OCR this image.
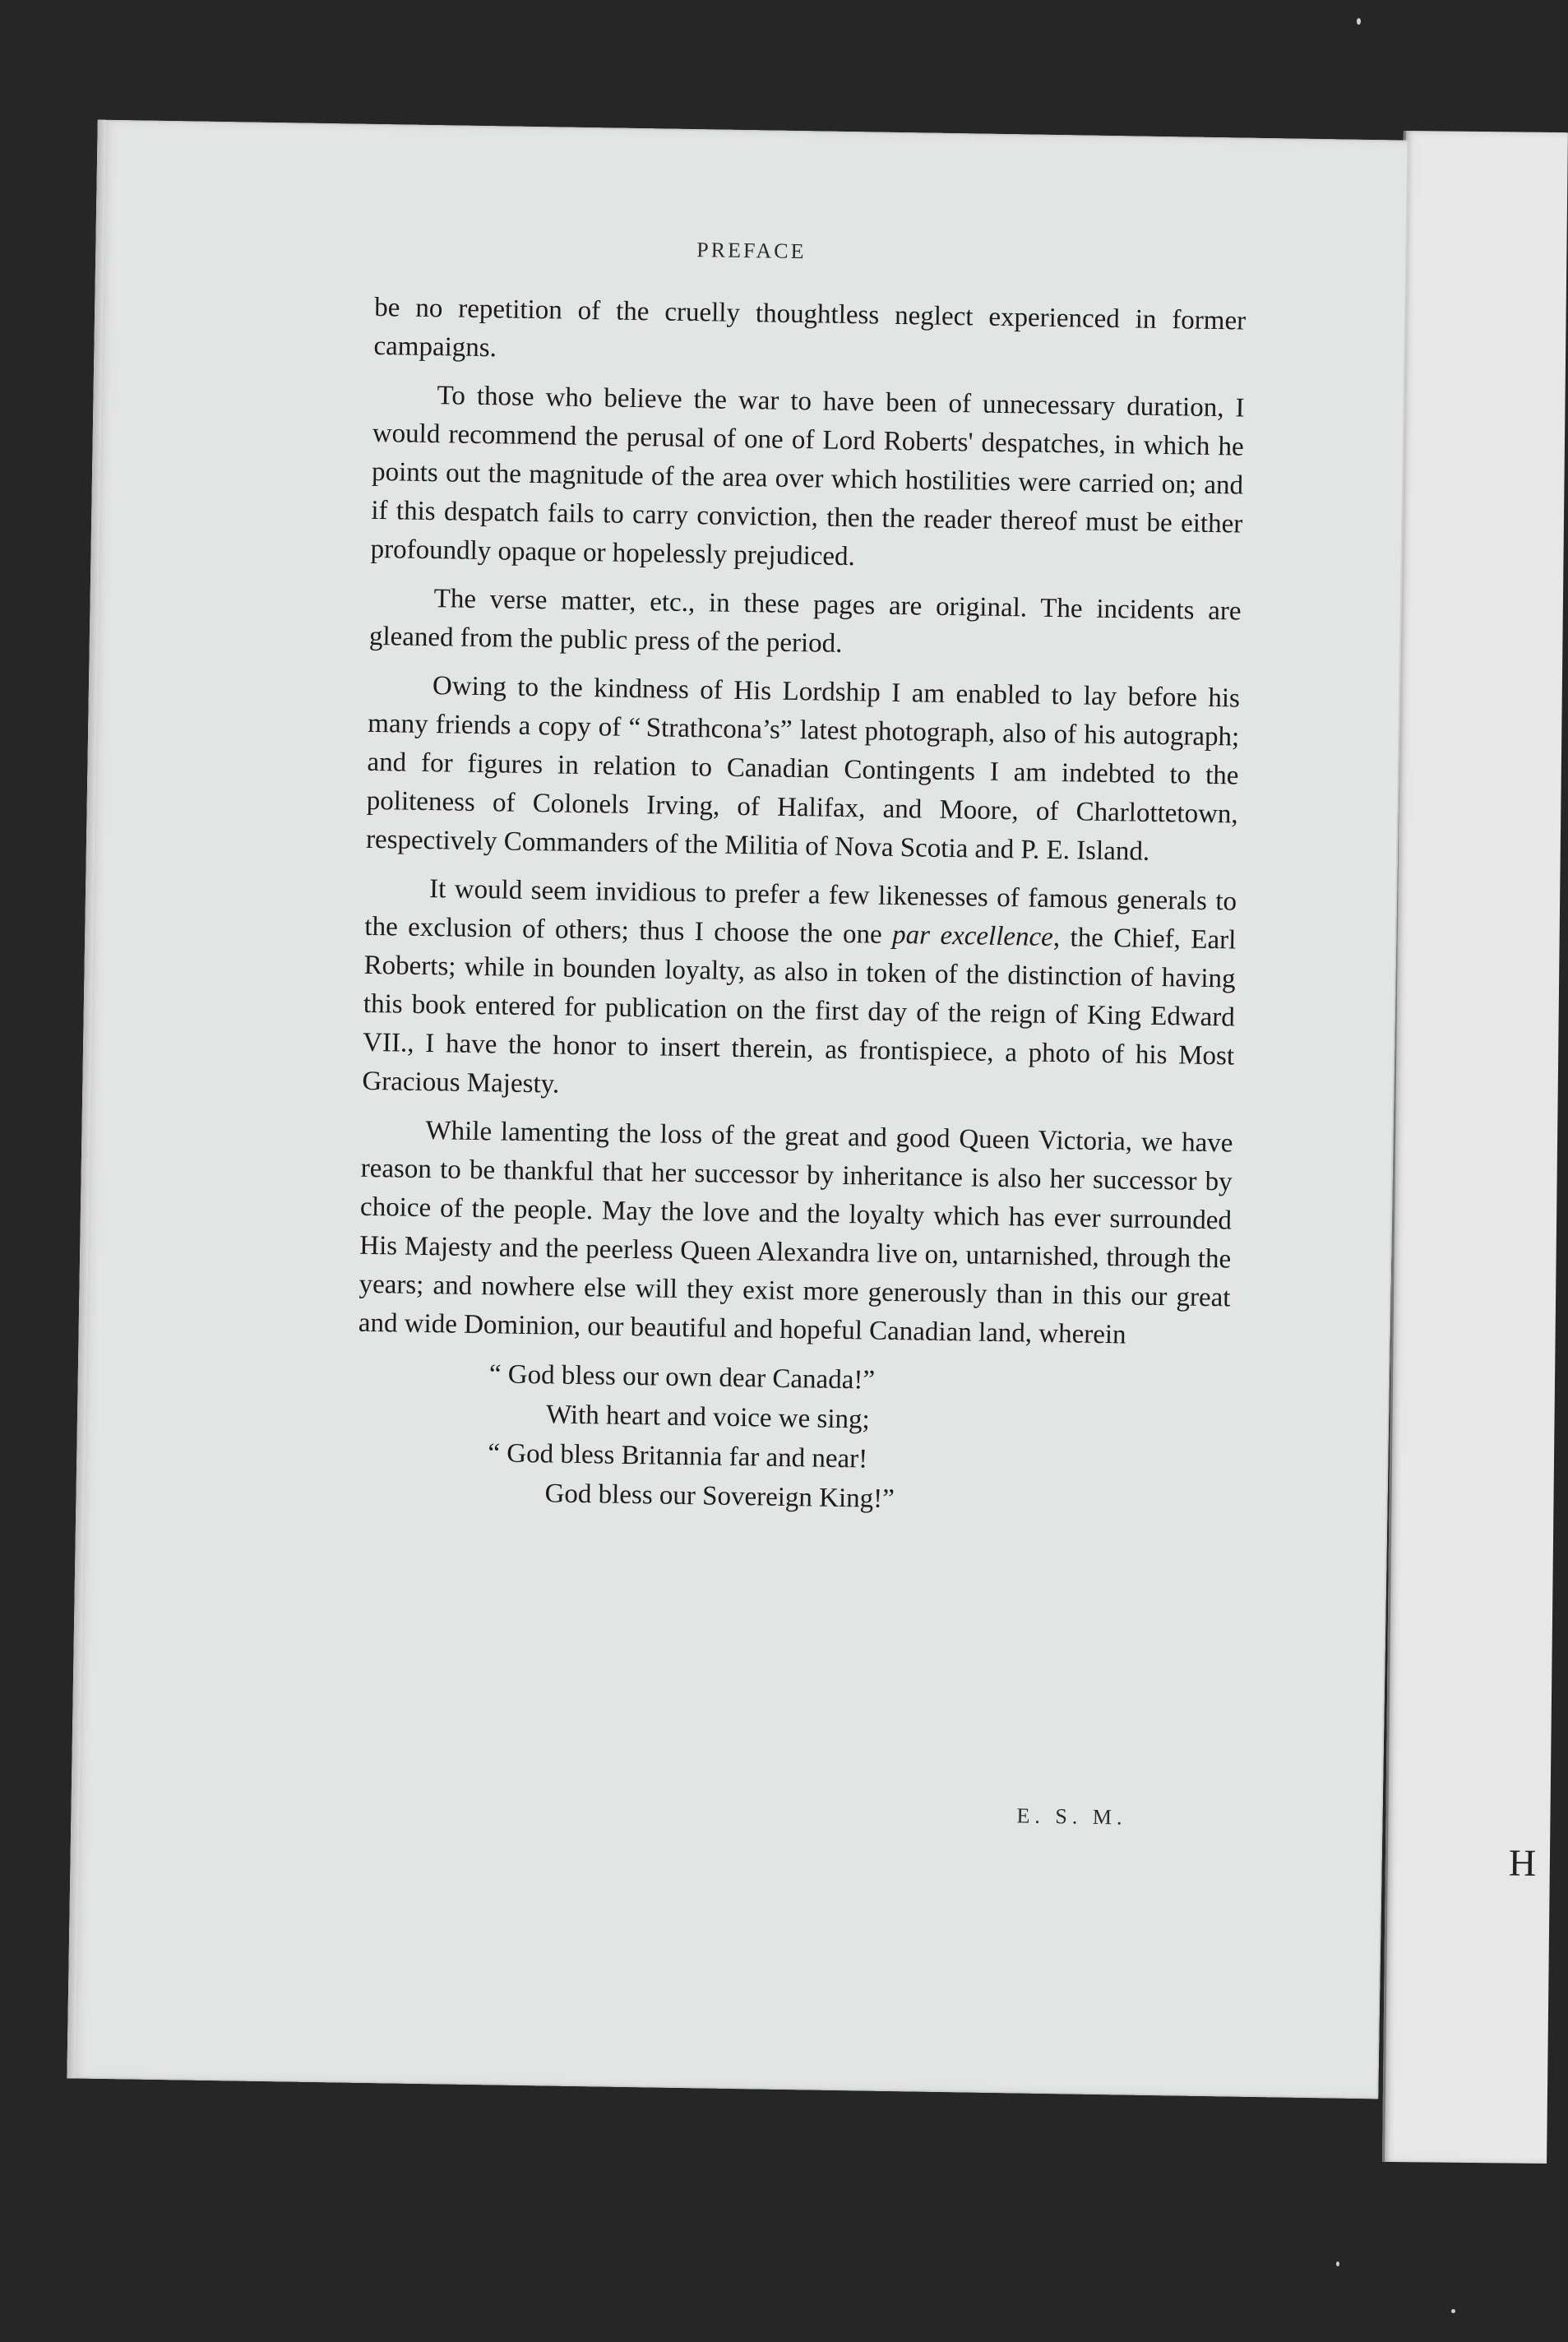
H
PREFACE

be no repetition of the cruelly thoughtless neglect experienced in former campaigns.

To those who believe the war to have been of unnecessary duration, I would recommend the perusal of one of Lord Roberts' despatches, in which he points out the magnitude of the area over which hostilities were carried on; and if this despatch fails to carry conviction, then the reader thereof must be either profoundly opaque or hopelessly prejudiced.

The verse matter, etc., in these pages are original. The incidents are gleaned from the public press of the period.

Owing to the kindness of His Lordship I am enabled to lay before his many friends a copy of “ Strathcona’s” latest photograph, also of his autograph; and for figures in relation to Canadian Contingents I am indebted to the politeness of Colonels Irving, of Halifax, and Moore, of Charlottetown, respectively Commanders of the Militia of Nova Scotia and P. E. Island.

It would seem invidious to prefer a few likenesses of famous generals to the exclusion of others; thus I choose the one par excellence, the Chief, Earl Roberts; while in bounden loyalty, as also in token of the distinction of having this book entered for publication on the first day of the reign of King Edward VII., I have the honor to insert therein, as frontispiece, a photo of his Most Gracious Majesty.

While lamenting the loss of the great and good Queen Victoria, we have reason to be thankful that her successor by inheritance is also her successor by choice of the people. May the love and the loyalty which has ever surrounded His Majesty and the peerless Queen Alexandra live on, untarnished, through the years; and nowhere else will they exist more generously than in this our great and wide Dominion, our beautiful and hopeful Canadian land, wherein

“ God bless our own dear Canada!”
With heart and voice we sing;
“ God bless Britannia far and near!
God bless our Sovereign King!”
E. S. M.
